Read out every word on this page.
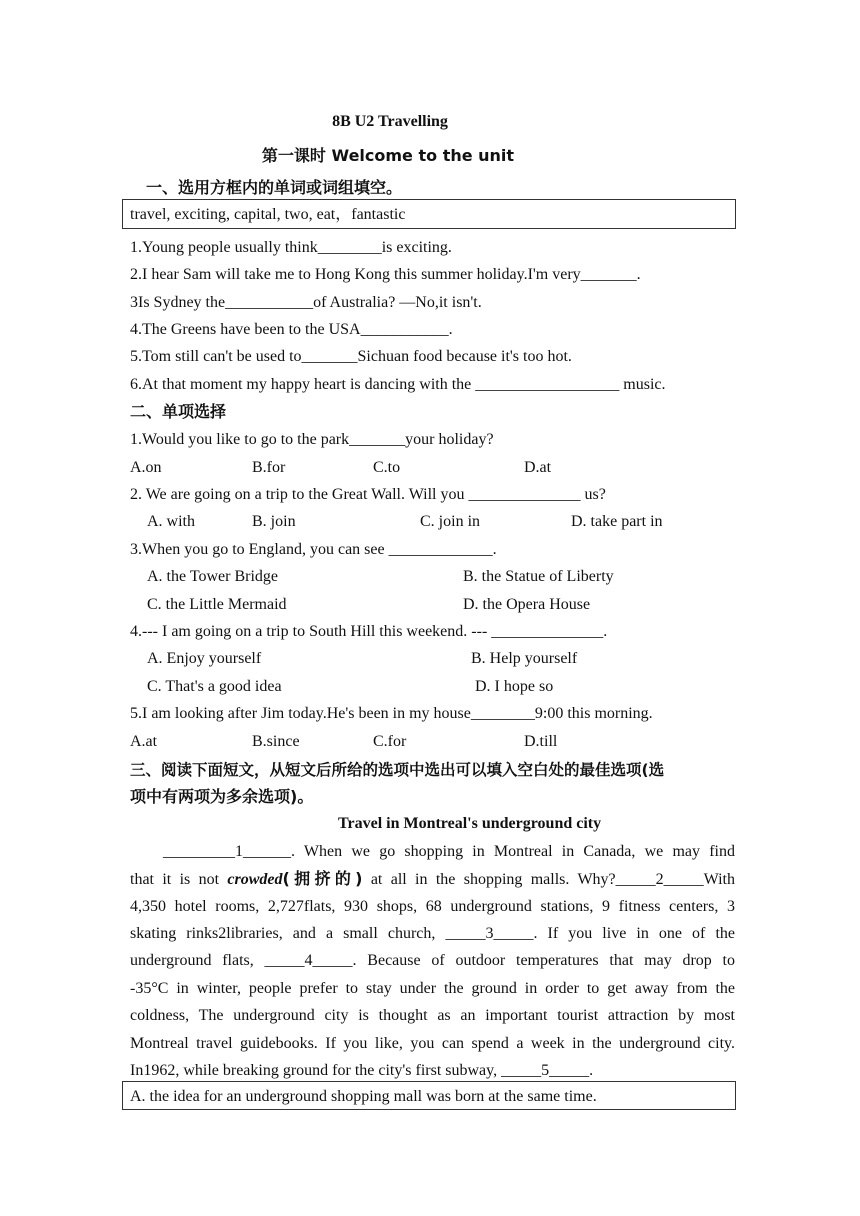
8B U2 Travelling
第一课时 Welcome to the unit
一、选用方框内的单词或词组填空。
travel, exciting, capital, two, eat，fantastic
1.Young people usually think________is exciting.
2.I hear Sam will take me to Hong Kong this summer holiday.I'm very_______.
3Is Sydney the___________of Australia? —No,it isn't.
4.The Greens have been to the USA___________.
5.Tom still can't be used to_______Sichuan food because it's too hot.
6.At that moment my happy heart is dancing with the __________________ music.
二、单项选择
1.Would you like to go to the park_______your holiday?
A.on	B.for	C.to	D.at
2. We are going on a trip to the Great Wall. Will you ______________ us?
A. with	B. join	C. join in	D. take part in
3.When you go to England, you can see _____________.
A. the Tower Bridge	B. the Statue of Liberty
C. the Little Mermaid	D. the Opera House
4.--- I am going on a trip to South Hill this weekend. --- ______________.
A. Enjoy yourself	B. Help yourself
C. That's a good idea	D. I hope so
5.I am looking after Jim today.He's been in my house________9:00 this morning.
A.at	B.since	C.for	D.till
三、阅读下面短文，从短文后所给的选项中选出可以填入空白处的最佳选项(选
项中有两项为多余选项)。
Travel in Montreal's underground city
_________1______. When we go shopping in Montreal in Canada, we may find
that it is not crowded(拥挤的) at all in the shopping malls. Why?_____2_____With
4,350 hotel rooms, 2,727flats, 930 shops, 68 underground stations, 9 fitness centers, 3
skating rinks2libraries, and a small church, _____3_____. If you live in one of the
underground flats, _____4_____. Because of outdoor temperatures that may drop to
-35°C in winter, people prefer to stay under the ground in order to get away from the
coldness, The underground city is thought as an important tourist attraction by most
Montreal travel guidebooks. If you like, you can spend a week in the underground city.
In1962, while breaking ground for the city's first subway, _____5_____.
A. the idea for an underground shopping mall was born at the same time.
